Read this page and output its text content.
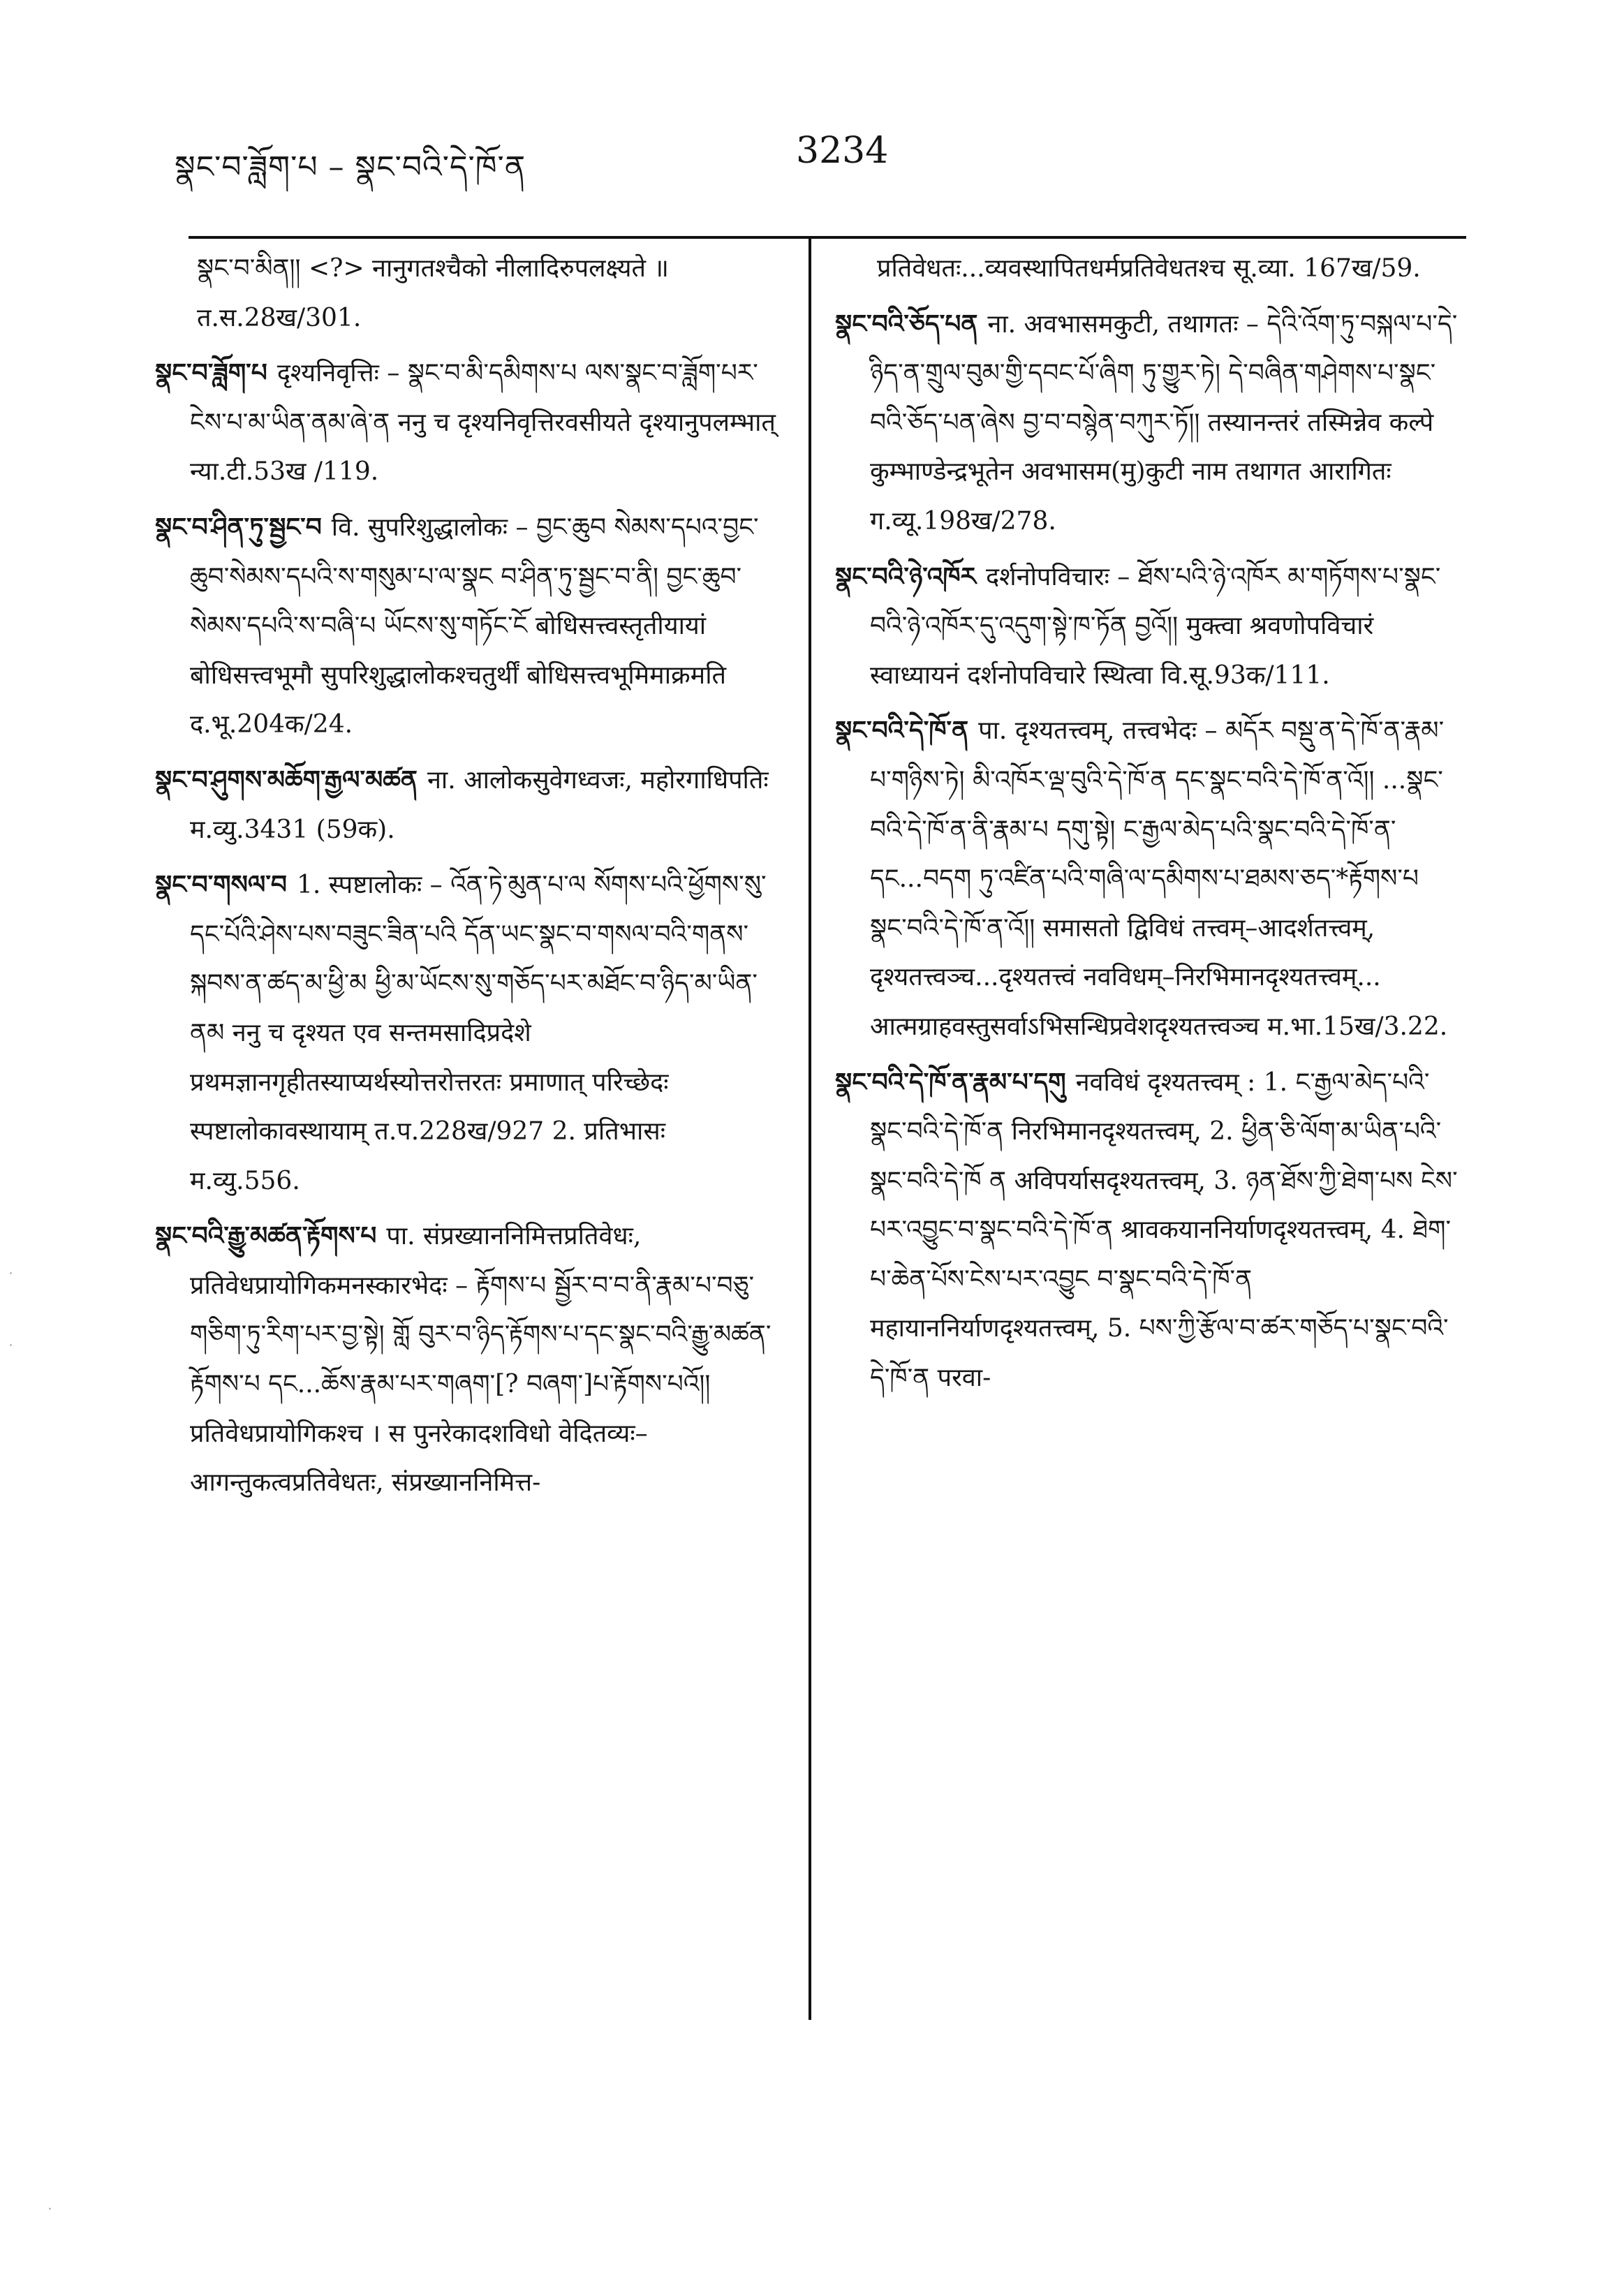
སྣང་བ་ཟློག་པ – སྣང་བའི་དེ་ཁོ་ན	3234

སྣང་བ་མིན།། <?> नानुगतश्चैको नीलादिरुपलक्ष्यते ॥ त.स.28ख/301.

སྣང་བ་ཟློག་པ दृश्यनिवृत्तिः – སྣང་བ་མི་དམིགས་པ ལས་སྣང་བ་ཟློག་པར་ངེས་པ་མ་ཡིན་ནམ་ཞེ་ན ननु च दृश्यनिवृत्तिरवसीयते दृश्यानुपलम्भात् न्या.टी.53ख /119.

སྣང་བ་ཤིན་ཏུ་སྦྱང་བ वि. सुपरिशुद्धालोकः – བྱང་ཆུབ སེམས་དཔའ་བྱང་ཆུབ་སེམས་དཔའི་ས་གསུམ་པ་ལ་སྣང བ་ཤིན་ཏུ་སྦྱང་བ་ནི། བྱང་ཆུབ་སེམས་དཔའི་ས་བཞི་པ ཡོངས་སུ་གཏོང་ངོ बोधिसत्त्वस्तृतीयायां बोधिसत्त्वभूमौ सुपरिशुद्धालोकश्चतुर्थीं बोधिसत्त्वभूमिमाक्रमति द.भू.204क/24.

སྣང་བ་ཤུགས་མཆོག་རྒྱལ་མཚན ना. आलोकसुवेगध्वजः, महोरगाधिपतिः म.व्यु.3431 (59क).

སྣང་བ་གསལ་བ 1. स्पष्टालोकः – འོན་ཏེ་མུན་པ་ལ སོགས་པའི་ཕྱོགས་སུ་དང་པོའི་ཤེས་པས་བཟུང་ཟིན་པའི དོན་ཡང་སྣང་བ་གསལ་བའི་གནས་སྐབས་ན་ཚད་མ་ཕྱི་མ ཕྱི་མ་ཡོངས་སུ་གཅོད་པར་མཐོང་བ་ཉིད་མ་ཡིན་ནམ ननु च दृश्यत एव सन्तमसादिप्रदेशे प्रथमज्ञानगृहीतस्याप्यर्थस्योत्तरोत्तरतः प्रमाणात् परिच्छेदः स्पष्टालोकावस्थायाम् त.प.228ख/927 2. प्रतिभासः म.व्यु.556.

སྣང་བའི་རྒྱུ་མཚན་རྟོགས་པ पा. संप्रख्याननिमित्तप्रतिवेधः, प्रतिवेधप्रायोगिकमनस्कारभेदः – རྟོགས་པ སྦྱོར་བ་བ་ནི་རྣམ་པ་བཅུ་གཅིག་ཏུ་རིག་པར་བྱ་སྟེ། གློ བུར་བ་ཉིད་རྟོགས་པ་དང་སྣང་བའི་རྒྱུ་མཚན་རྟོགས་པ དང...ཆོས་རྣམ་པར་གཞག་[? བཞག་]པ་རྟོགས་པའོ།། प्रतिवेधप्रायोगिकश्च । स पुनरेकादशविधो वेदितव्यः–आगन्तुकत्वप्रतिवेधतः, संप्रख्याननिमित्त-

प्रतिवेधतः...व्यवस्थापितधर्मप्रतिवेधतश्च सू.व्या. 167ख/59.

སྣང་བའི་ཅོད་པན ना. अवभासमकुटी, तथागतः – དེའི་འོག་ཏུ་བསྐལ་པ་དེ་ཉིད་ན་གྲུལ་བུམ་གྱི་དབང་པོ་ཞིག ཏུ་གྱུར་ཏེ། དེ་བཞིན་གཤེགས་པ་སྣང་བའི་ཅོད་པན་ཞེས བྱ་བ་བསྙེན་བཀུར་ཏོ།། तस्यानन्तरं तस्मिन्नेव कल्पे कुम्भाण्डेन्द्रभूतेन अवभासम(मु)कुटी नाम तथागत आरागितः ग.व्यू.198ख/278.

སྣང་བའི་ཉེ་འཁོར दर्शनोपविचारः – ཐོས་པའི་ཉེ་འཁོར མ་གཏོགས་པ་སྣང་བའི་ཉེ་འཁོར་དུ་འདུག་སྟེ་ཁ་ཏོན བྱའོ།། मुक्त्वा श्रवणोपविचारं स्वाध्यायनं दर्शनोपविचारे स्थित्वा वि.सू.93क/111.

སྣང་བའི་དེ་ཁོ་ན पा. दृश्यतत्त्वम्, तत्त्वभेदः – མདོར བསྡུ་ན་དེ་ཁོ་ན་རྣམ་པ་གཉིས་ཏེ། མི་འཁོར་ལྡ་བུའི་དེ་ཁོ་ན དང་སྣང་བའི་དེ་ཁོ་ན་འོ།། ...སྣང་བའི་དེ་ཁོ་ན་ནི་རྣམ་པ དགུ་སྟེ། ང་རྒྱལ་མེད་པའི་སྣང་བའི་དེ་ཁོ་ན་དང...བདག ཏུ་འཛིན་པའི་གཞི་ལ་དམིགས་པ་ཐམས་ཅད་*རྟོགས་པ སྣང་བའི་དེ་ཁོ་ན་འོ།། समासतो द्विविधं तत्त्वम्–आदर्शतत्त्वम्, दृश्यतत्त्वञ्च...दृश्यतत्त्वं नवविधम्–निरभिमानदृश्यतत्त्वम्... आत्मग्राहवस्तुसर्वाऽभिसन्धिप्रवेशदृश्यतत्त्वञ्च म.भा.15ख/3.22.

སྣང་བའི་དེ་ཁོ་ན་རྣམ་པ་དགུ नवविधं दृश्यतत्त्वम् : 1. ང་རྒྱལ་མེད་པའི་སྣང་བའི་དེ་ཁོ་ན निरभिमानदृश्यतत्त्वम्, 2. ཕྱིན་ཅི་ལོག་མ་ཡིན་པའི་སྣང་བའི་དེ་ཁོ ན अविपर्यासदृश्यतत्त्वम्, 3. ཉན་ཐོས་ཀྱི་ཐེག་པས ངེས་པར་འབྱུང་བ་སྣང་བའི་དེ་ཁོ་ན श्रावकयाननिर्याणदृश्यतत्त्वम्, 4. ཐེག་པ་ཆེན་པོས་ངེས་པར་འབྱུང བ་སྣང་བའི་དེ་ཁོ་ན महायाननिर्याणदृश्यतत्त्वम्, 5. པས་ཀྱི་རྩོལ་བ་ཚར་གཅོད་པ་སྣང་བའི་དེ་ཁོ་ན परवा-
